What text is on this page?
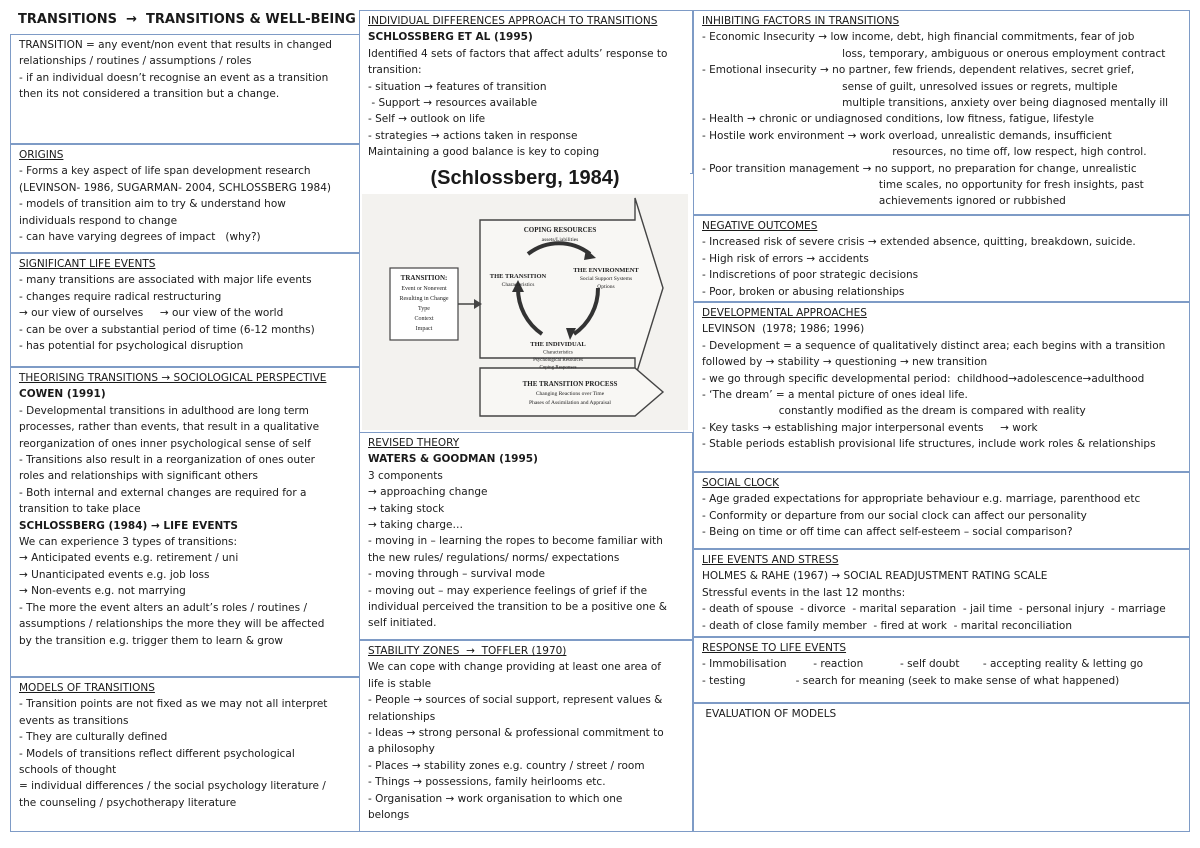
TRANSITIONS  →  TRANSITIONS & WELL-BEING
TRANSITION = any event/non event that results in changed
relationships / routines / assumptions / roles
- if an individual doesn’t recognise an event as a transition
then its not considered a transition but a change.
ORIGINS
- Forms a key aspect of life span development research
(LEVINSON- 1986, SUGARMAN- 2004, SCHLOSSBERG 1984)
- models of transition aim to try & understand how
individuals respond to change
- can have varying degrees of impact   (why?)
SIGNIFICANT LIFE EVENTS
- many transitions are associated with major life events
- changes require radical restructuring
→ our view of ourselves     → our view of the world
- can be over a substantial period of time (6-12 months)
- has potential for psychological disruption
THEORISING TRANSITIONS → SOCIOLOGICAL PERSPECTIVE
COWEN (1991)
- Developmental transitions in adulthood are long term
processes, rather than events, that result in a qualitative
reorganization of ones inner psychological sense of self
- Transitions also result in a reorganization of ones outer
roles and relationships with significant others
- Both internal and external changes are required for a
transition to take place
SCHLOSSBERG (1984) → LIFE EVENTS
We can experience 3 types of transitions:
→ Anticipated events e.g. retirement / uni
→ Unanticipated events e.g. job loss
→ Non-events e.g. not marrying
- The more the event alters an adult’s roles / routines /
assumptions / relationships the more they will be affected
by the transition e.g. trigger them to learn & grow
MODELS OF TRANSITIONS
- Transition points are not fixed as we may not all interpret
events as transitions
- They are culturally defined
- Models of transitions reflect different psychological
schools of thought
= individual differences / the social psychology literature /
the counseling / psychotherapy literature
INDIVIDUAL DIFFERENCES APPROACH TO TRANSITIONS
SCHLOSSBERG ET AL (1995)
Identified 4 sets of factors that affect adults’ response to
transition:
- situation → features of transition
- Support → resources available
- Self → outlook on life
- strategies → actions taken in response
Maintaining a good balance is key to coping
REVISED THEORY
WATERS & GOODMAN (1995)
3 components
→ approaching change
→ taking stock
→ taking charge…
- moving in – learning the ropes to become familiar with
the new rules/ regulations/ norms/ expectations
- moving through – survival mode
- moving out – may experience feelings of grief if the
individual perceived the transition to be a positive one &
self initiated.
STABILITY ZONES  →  TOFFLER (1970)
We can cope with change providing at least one area of
life is stable
- People → sources of social support, represent values &
relationships
- Ideas → strong personal & professional commitment to
a philosophy
- Places → stability zones e.g. country / street / room
- Things → possessions, family heirlooms etc.
- Organisation → work organisation to which one
belongs
INHIBITING FACTORS IN TRANSITIONS
- Economic Insecurity → low income, debt, high financial commitments, fear of job
loss, temporary, ambiguous or onerous employment contract
- Emotional insecurity → no partner, few friends, dependent relatives, secret grief,
sense of guilt, unresolved issues or regrets, multiple
multiple transitions, anxiety over being diagnosed mentally ill
- Health → chronic or undiagnosed conditions, low fitness, fatigue, lifestyle
- Hostile work environment → work overload, unrealistic demands, insufficient
resources, no time off, low respect, high control.
- Poor transition management → no support, no preparation for change, unrealistic
time scales, no opportunity for fresh insights, past
achievements ignored or rubbished
NEGATIVE OUTCOMES
- Increased risk of severe crisis → extended absence, quitting, breakdown, suicide.
- High risk of errors → accidents
- Indiscretions of poor strategic decisions
- Poor, broken or abusing relationships
DEVELOPMENTAL APPROACHES
LEVINSON  (1978; 1986; 1996)
- Development = a sequence of qualitatively distinct area; each begins with a transition
followed by → stability → questioning → new transition
- we go through specific developmental period:  childhood→adolescence→adulthood
- ‘The dream’ = a mental picture of ones ideal life.
constantly modified as the dream is compared with reality
- Key tasks → establishing major interpersonal events     → work
- Stable periods establish provisional life structures, include work roles & relationships
SOCIAL CLOCK
- Age graded expectations for appropriate behaviour e.g. marriage, parenthood etc
- Conformity or departure from our social clock can affect our personality
- Being on time or off time can affect self-esteem – social comparison?
LIFE EVENTS AND STRESS
HOLMES & RAHE (1967) → SOCIAL READJUSTMENT RATING SCALE
Stressful events in the last 12 months:
- death of spouse  - divorce  - marital separation  - jail time  - personal injury  - marriage
- death of close family member  - fired at work  - marital reconciliation
RESPONSE TO LIFE EVENTS
- Immobilisation        - reaction           - self doubt       - accepting reality & letting go
- testing               - search for meaning (seek to make sense of what happened)
EVALUATION OF MODELS
(Schlossberg, 1984)
TRANSITION:
Event or Nonevent
Resulting in Change
Type
Context
Impact
COPING RESOURCES
assets/Liabilities
THE TRANSITION
Characteristics
THE ENVIRONMENT
Social Support Systems
Options
THE INDIVIDUAL
Characteristics
Psychological Resources
Coping Responses
THE TRANSITION PROCESS
Changing Reactions over Time
Phases of Assimilation and Appraisal
